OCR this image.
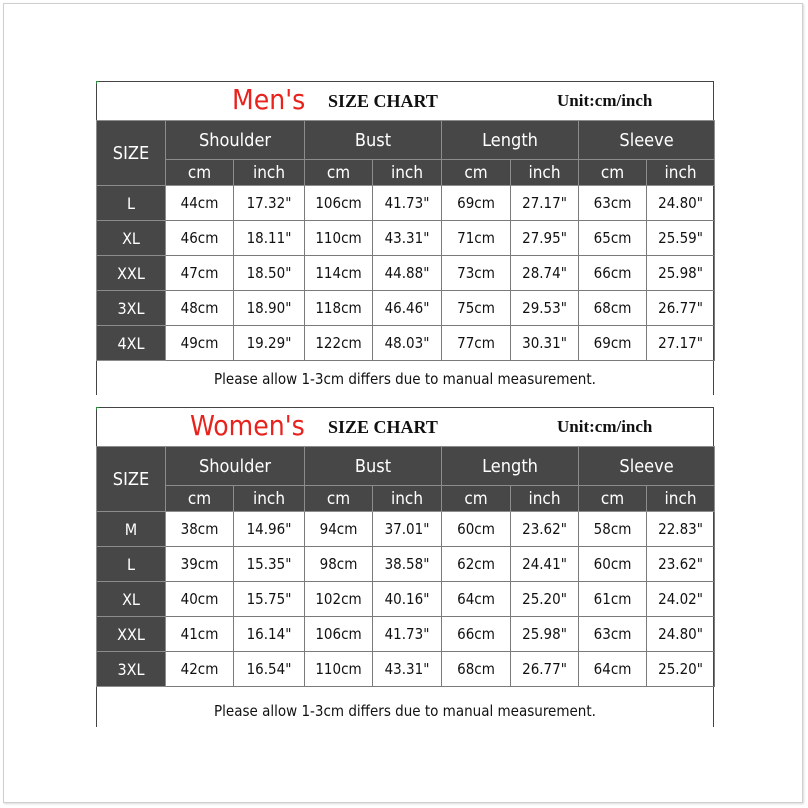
Men's SIZE CHART	Unit:cm/inch
SIZE	Shoulder		Bust		Length		Sleeve	
	cm	inch	cm	inch	cm	inch	cm	inch
L	44cm	17.32"	106cm	41.73"	69cm	27.17"	63cm	24.80"
XL	46cm	18.11"	110cm	43.31"	71cm	27.95"	65cm	25.59"
XXL	47cm	18.50"	114cm	44.88"	73cm	28.74"	66cm	25.98"
3XL	48cm	18.90"	118cm	46.46"	75cm	29.53"	68cm	26.77"
4XL	49cm	19.29"	122cm	48.03"	77cm	30.31"	69cm	27.17"
Please allow 1-3cm differs due to manual measurement.
Women's SIZE CHART	Unit:cm/inch
SIZE	Shoulder		Bust		Length		Sleeve	
	cm	inch	cm	inch	cm	inch	cm	inch
M	38cm	14.96"	94cm	37.01"	60cm	23.62"	58cm	22.83"
L	39cm	15.35"	98cm	38.58"	62cm	24.41"	60cm	23.62"
XL	40cm	15.75"	102cm	40.16"	64cm	25.20"	61cm	24.02"
XXL	41cm	16.14"	106cm	41.73"	66cm	25.98"	63cm	24.80"
3XL	42cm	16.54"	110cm	43.31"	68cm	26.77"	64cm	25.20"
Please allow 1-3cm differs due to manual measurement.
